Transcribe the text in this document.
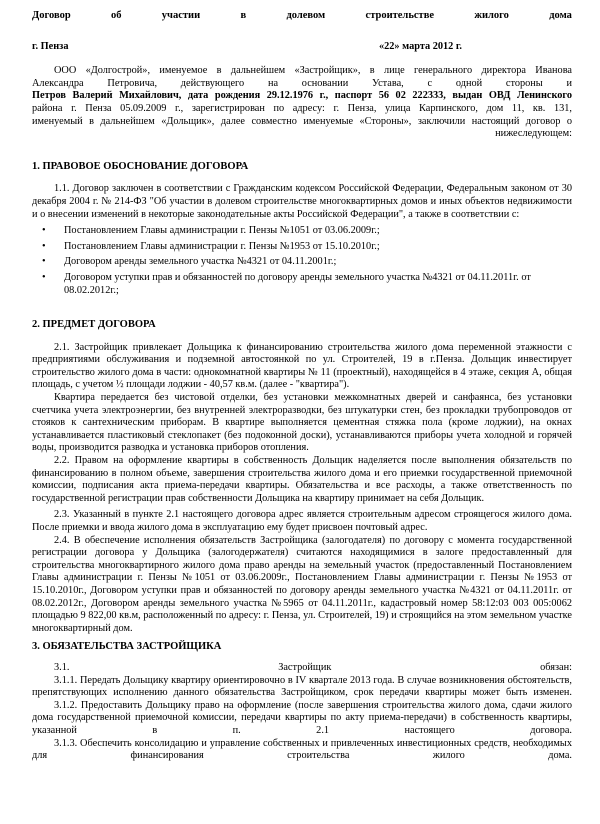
Договор	об	участии	в	долевом	строительстве	жилого	дома
г. Пенза	«22» марта 2012 г.
ООО «Долгострой», именуемое в дальнейшем «Застройщик», в лице генерального директора Иванова
Александра Петровича, действующего на основании Устава, с одной стороны и
Петров Валерий Михайлович, дата рождения 29.12.1976 г., паспорт 56 02 222333, выдан ОВД Ленинского
района г. Пенза 05.09.2009 г., зарегистрирован по адресу: г. Пенза, улица Карпинского, дом 11, кв. 131,
именуемый в дальнейшем «Дольщик», далее совместно именуемые «Стороны», заключили настоящий договор о
нижеследующем:
1. ПРАВОВОЕ ОБОСНОВАНИЕ ДОГОВОРА
1.1. Договор заключен в соответствии с Гражданским кодексом Российской Федерации, Федеральным законом от 30 декабря 2004 г. № 214-ФЗ "Об участии в долевом строительстве многоквартирных домов и иных объектов недвижимости и о внесении изменений в некоторые законодательные акты Российской Федерации", а также в соответствии с:
• Постановлением Главы администрации г. Пензы №1051 от 03.06.2009г.;
• Постановлением Главы администрации г. Пензы №1953 от 15.10.2010г.;
• Договором аренды земельного участка №4321 от 04.11.2001г.;
• Договором уступки прав и обязанностей по договору аренды земельного участка №4321 от 04.11.2011г. от 08.02.2012г.;
2. ПРЕДМЕТ ДОГОВОРА
2.1. Застройщик привлекает Дольщика к финансированию строительства жилого дома переменной этажности с предприятиями обслуживания и подземной автостоянкой по ул. Строителей, 19 в г.Пенза. Дольщик инвестирует строительство жилого дома в части: однокомнатной квартиры № 11 (проектный), находящейся в 4 этаже, секция А, общая площадь, с учетом ½ площади лоджии - 40,57 кв.м. (далее - "квартира").
Квартира передается без чистовой отделки, без установки межкомнатных дверей и санфаянса, без установки счетчика учета электроэнергии, без внутренней электроразводки, без штукатурки стен, без прокладки трубопроводов от стояков к сантехническим приборам. В квартире выполняется цементная стяжка пола (кроме лоджии), на окнах устанавливается пластиковый стеклопакет (без подоконной доски), устанавливаются приборы учета холодной и горячей воды, производится разводка и установка приборов отопления.
2.2. Правом на оформление квартиры в собственность Дольщик наделяется после выполнения обязательств по финансированию в полном объеме, завершения строительства жилого дома и его приемки государственной приемочной комиссии, подписания акта приема-передачи квартиры. Обязательства и все расходы, а также ответственность по государственной регистрации прав собственности Дольщика на квартиру принимает на себя Дольщик.
2.3. Указанный в пункте 2.1 настоящего договора адрес является строительным адресом строящегося жилого дома. После приемки и ввода жилого дома в эксплуатацию ему будет присвоен почтовый адрес.
2.4. В обеспечение исполнения обязательств Застройщика (залогодателя) по договору с момента государственной регистрации договора у Дольщика (залогодержателя) считаются находящимися в залоге предоставленный для строительства многоквартирного жилого дома право аренды на земельный участок (предоставленный Постановлением Главы администрации г. Пензы №1051 от 03.06.2009г., Постановлением Главы администрации г. Пензы №1953 от 15.10.2010г., Договором уступки прав и обязанностей по договору аренды земельного участка №4321 от 04.11.2011г. от 08.02.2012г., Договором аренды земельного участка №5965 от 04.11.2011г., кадастровый номер 58:12:03 003 005:0062 площадью 9 822,00 кв.м, расположенный по адресу: г. Пенза, ул. Строителей, 19) и строящийся на этом земельном участке многоквартирный дом.
3. ОБЯЗАТЕЛЬСТВА ЗАСТРОЙЩИКА
3.1.	Застройщик	обязан:
3.1.1. Передать Дольщику квартиру ориентировочно в IV квартале 2013 года. В случае возникновения обстоятельств, препятствующих исполнению данного обязательства Застройщиком, срок передачи квартиры может быть изменен.
3.1.2. Предоставить Дольщику право на оформление (после завершения строительства жилого дома, сдачи жилого дома государственной приемочной комиссии, передачи квартиры по акту приема-передачи) в собственность квартиры, указанной в п. 2.1 настоящего договора.
3.1.3. Обеспечить консолидацию и управление собственных и привлеченных инвестиционных средств, необходимых для финансирования строительства жилого дома.
